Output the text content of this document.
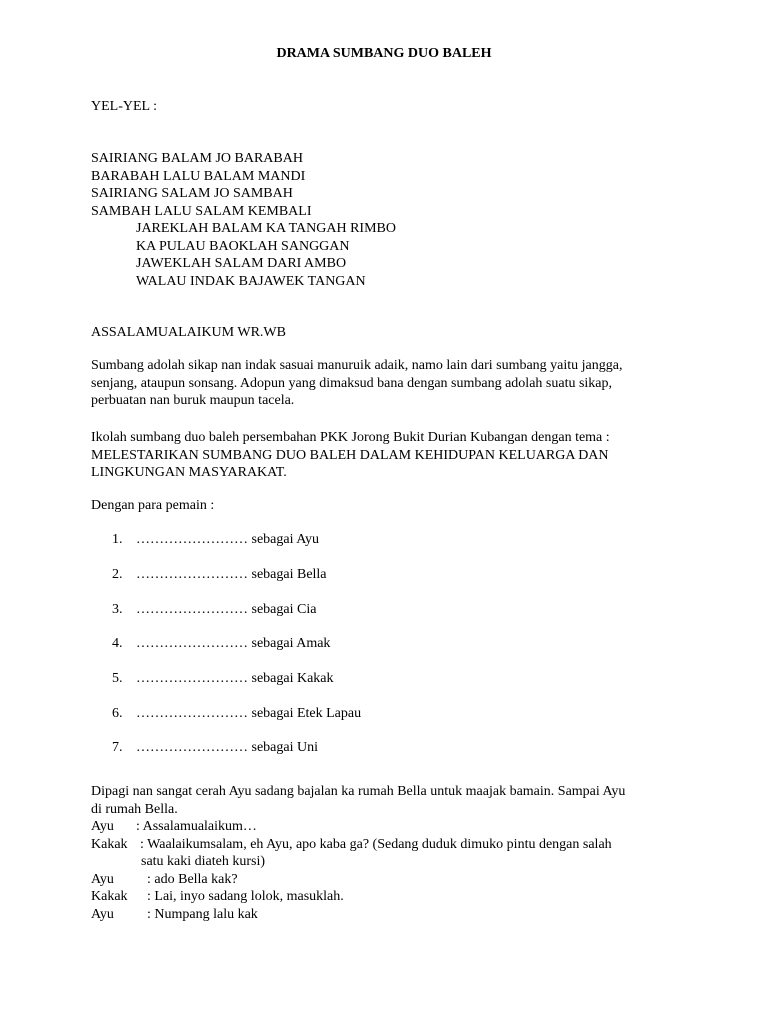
DRAMA SUMBANG DUO BALEH
YEL-YEL :
SAIRIANG BALAM JO BARABAH
BARABAH LALU BALAM MANDI
SAIRIANG SALAM JO SAMBAH
SAMBAH LALU SALAM KEMBALI
JAREKLAH BALAM KA TANGAH RIMBO
KA PULAU BAOKLAH SANGGAN
JAWEKLAH SALAM DARI AMBO
WALAU INDAK BAJAWEK TANGAN
ASSALAMUALAIKUM WR.WB
Sumbang adolah sikap nan indak sasuai manuruik adaik, namo lain dari sumbang yaitu jangga,
senjang, ataupun sonsang. Adopun yang dimaksud bana dengan sumbang adolah suatu sikap,
perbuatan nan buruk maupun tacela.
Ikolah sumbang duo baleh persembahan PKK Jorong Bukit Durian Kubangan dengan tema :
MELESTARIKAN SUMBANG DUO BALEH DALAM KEHIDUPAN KELUARGA DAN
LINGKUNGAN MASYARAKAT.
Dengan para pemain :
1. …………………… sebagai Ayu
2. …………………… sebagai Bella
3. …………………… sebagai Cia
4. …………………… sebagai Amak
5. …………………… sebagai Kakak
6. …………………… sebagai Etek Lapau
7. …………………… sebagai Uni
Dipagi nan sangat cerah Ayu sadang bajalan ka rumah Bella untuk maajak bamain. Sampai Ayu
di rumah Bella.
Ayu : Assalamualaikum…
Kakak : Waalaikumsalam, eh Ayu, apo kaba ga? (Sedang duduk dimuko pintu dengan salah
satu kaki diateh kursi)
Ayu : ado Bella kak?
Kakak : Lai, inyo sadang lolok, masuklah.
Ayu : Numpang lalu kak
